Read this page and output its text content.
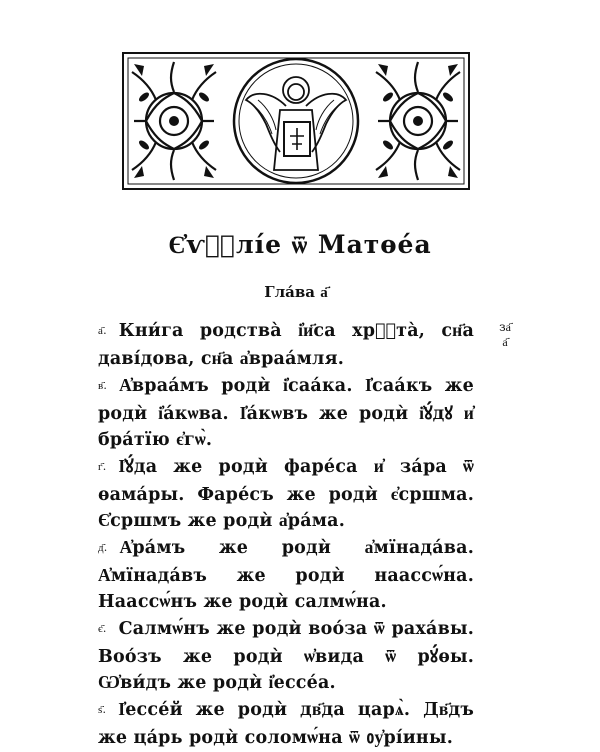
Є҆ѵⷢ҇лі́е ѿ Матѳе́а
Гла́ва а҃
за҃
а҃

а҃. Кни́га родства̀ і҆и҃са хрⷭ҇та̀, сн҃а даві́дова, сн҃а а҆враа́мля.

в҃. А҆враа́мъ родѝ і҆саа́ка. І҆саа́къ же родѝ і҆а́кѡва. І҆а́кѡвъ же родѝ і҆ꙋ́дꙋ и҆ бра́тїю є҆гѡ̀.

г҃. І҆ꙋ́да же родѝ фаре́са и҆ за́ра ѿ ѳама́ры. Фаре́съ же родѝ є҆сршма. Є҆сршмъ же родѝ а҆ра́ма.

д҃. А҆ра́мъ же родѝ а҆мїнада́ва. А҆мїнада́въ же родѝ наассѡ́на. Наассѡ́нъ же родѝ салмѡ́на.

є҃. Салмѡ́нъ же родѝ воо́за ѿ раха́вы. Воо́зъ же родѝ ѡ҆вида ѿ рꙋ́ѳы. Ѡ҆ви́дъ же родѝ і҆ессе́а.

ѕ҃. І҆ессе́й же родѝ дв҃да царѧ̀. Дв҃дъ же ца́рь родѝ соломѡ́на ѿ ᲂу҆рі́ины.
